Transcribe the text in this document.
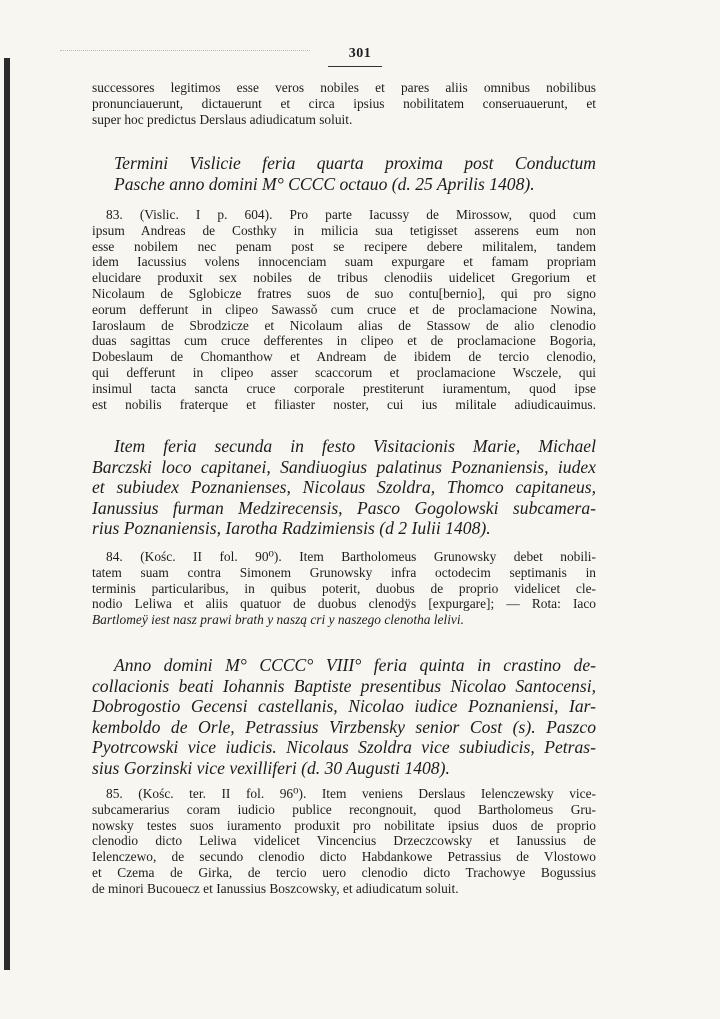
301

successores legitimos esse veros nobiles et pares aliis omnibus nobilibus
pronunciauerunt, dictauerunt et circa ipsius nobilitatem conseruauerunt, et
super hoc predictus Derslaus adiudicatum soluit.

Termini Vislicie feria quarta proxima post Conductum
Pasche anno domini M° CCCC octauo (d. 25 Aprilis 1408).

83. (Vislic. I p. 604). Pro parte Iacussy de Mirossow, quod cum
ipsum Andreas de Costhky in milicia sua tetigisset asserens eum non
esse nobilem nec penam post se recipere debere militalem, tandem
idem Iacussius volens innocenciam suam expurgare et famam propriam
elucidare produxit sex nobiles de tribus clenodiis uidelicet Gregorium et
Nicolaum de Sglobicze fratres suos de suo contu[bernio], qui pro signo
eorum defferunt in clipeo Sawassǒ cum cruce et de proclamacione Nowina,
Iaroslaum de Sbrodzicze et Nicolaum alias de Stassow de alio clenodio
duas sagittas cum cruce defferentes in clipeo et de proclamacione Bogoria,
Dobeslaum de Chomanthow et Andream de ibidem de tercio clenodio,
qui defferunt in clipeo asser scaccorum et proclamacione Wsczele, qui
insimul tacta sancta cruce corporale prestiterunt iuramentum, quod ipse
est nobilis fraterque et filiaster noster, cui ius militale adiudicauimus.

Item feria secunda in festo Visitacionis Marie, Michael
Barczski loco capitanei, Sandiuogius palatinus Poznaniensis, iudex
et subiudex Poznanienses, Nicolaus Szoldra, Thomco capitaneus,
Ianussius furman Medzirecensis, Pasco Gogolowski subcamera-
rius Poznaniensis, Iarotha Radzimiensis (d 2 Iulii 1408).

84. (Kośc. II fol. 90⁰). Item Bartholomeus Grunowsky debet nobili-
tatem suam contra Simonem Grunowsky infra octodecim septimanis in
terminis particularibus, in quibus poterit, duobus de proprio videlicet cle-
nodio Leliwa et aliis quatuor de duobus clenodÿs [expurgare]; — Rota: Iaco
Bartlomeÿ iest nasz prawi brath y naszą cri y naszego clenotha lelivi.

Anno domini M° CCCC° VIII° feria quinta in crastino de-
collacionis beati Iohannis Baptiste presentibus Nicolao Santocensi,
Dobrogostio Gecensi castellanis, Nicolao iudice Poznaniensi, Iar-
kemboldo de Orle, Petrassius Virzbensky senior Cost (s). Paszco
Pyotrcowski vice iudicis. Nicolaus Szoldra vice subiudicis, Petras-
sius Gorzinski vice vexilliferi (d. 30 Augusti 1408).

85. (Kośc. ter. II fol. 96⁰). Item veniens Derslaus Ielenczewsky vice-
subcamerarius coram iudicio publice recongnouit, quod Bartholomeus Gru-
nowsky testes suos iuramento produxit pro nobilitate ipsius duos de proprio
clenodio dicto Leliwa videlicet Vincencius Drzeczcowsky et Ianussius de
Ielenczewo, de secundo clenodio dicto Habdankowe Petrassius de Vlostowo
et Czema de Girka, de tercio uero clenodio dicto Trachowye Bogussius
de minori Bucouecz et Ianussius Boszcowsky, et adiudicatum soluit.
